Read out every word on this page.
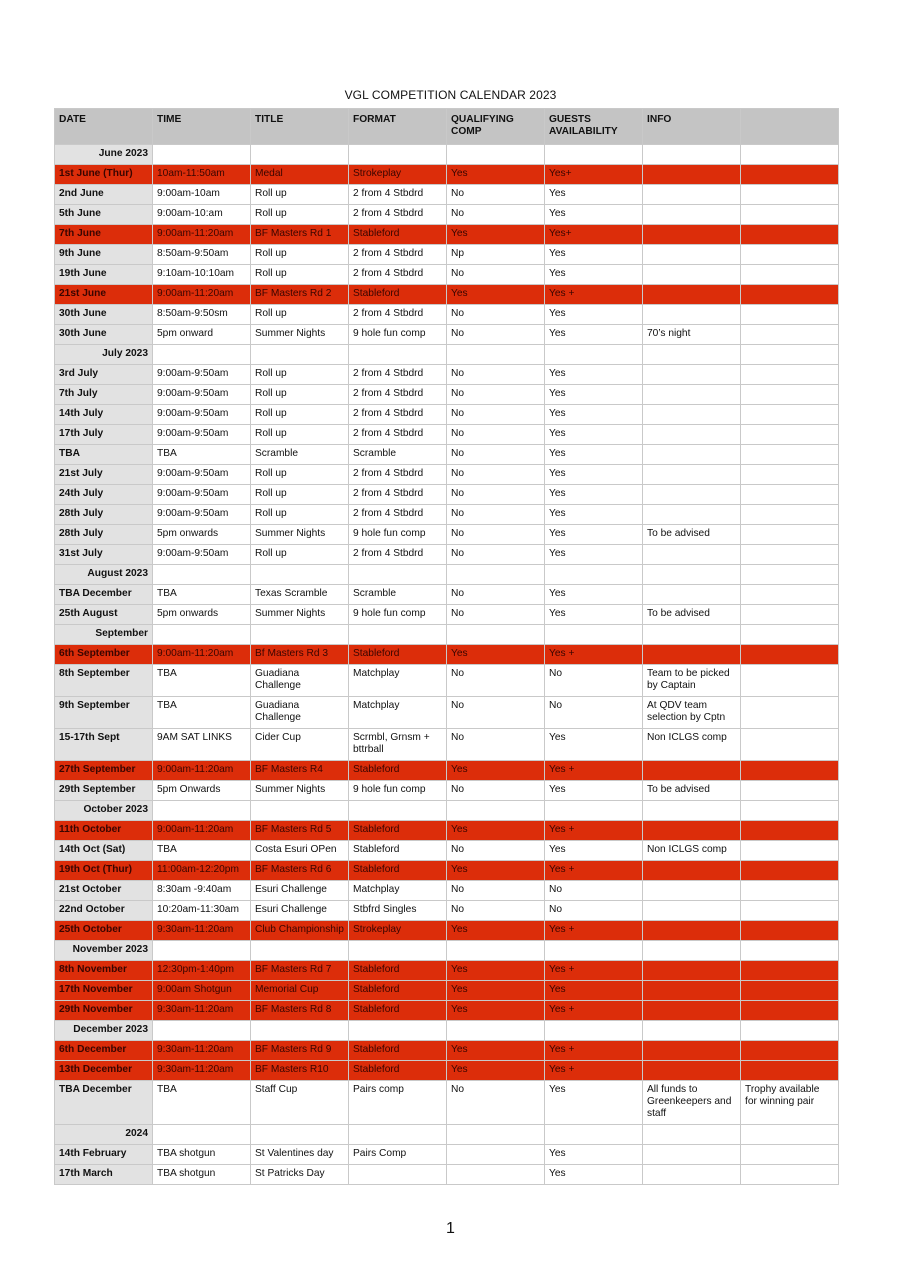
VGL COMPETITION CALENDAR 2023
DATE	TIME	TITLE	FORMAT	QUALIFYING COMP	GUESTS AVAILABILITY	INFO	
June 2023							
1st June (Thur)	10am-11:50am	Medal	Strokeplay	Yes	Yes+		
2nd June	9:00am-10am	Roll up	2 from 4 Stbdrd	No	Yes		
5th June	9:00am-10:am	Roll up	2 from 4 Stbdrd	No	Yes		
7th June	9:00am-11:20am	BF Masters Rd 1	Stableford	Yes	Yes+		
9th June	8:50am-9:50am	Roll up	2 from 4 Stbdrd	Np	Yes		
19th June	9:10am-10:10am	Roll up	2 from 4 Stbdrd	No	Yes		
21st June	9:00am-11:20am	BF Masters Rd 2	Stableford	Yes	Yes +		
30th June	8:50am-9:50sm	Roll up	2 from 4 Stbdrd	No	Yes		
30th June	5pm onward	Summer Nights	9 hole fun comp	No	Yes	70’s night	
July 2023							
3rd July	9:00am-9:50am	Roll up	2 from 4 Stbdrd	No	Yes		
7th July	9:00am-9:50am	Roll up	2 from 4 Stbdrd	No	Yes		
14th July	9:00am-9:50am	Roll up	2 from 4 Stbdrd	No	Yes		
17th July	9:00am-9:50am	Roll up	2 from 4 Stbdrd	No	Yes		
TBA	TBA	Scramble	Scramble	No	Yes		
21st July	9:00am-9:50am	Roll up	2 from 4 Stbdrd	No	Yes		
24th July	9:00am-9:50am	Roll up	2 from 4 Stbdrd	No	Yes		
28th July	9:00am-9:50am	Roll up	2 from 4 Stbdrd	No	Yes		
28th July	5pm onwards	Summer Nights	9 hole fun comp	No	Yes	To be advised	
31st July	9:00am-9:50am	Roll up	2 from 4 Stbdrd	No	Yes		
August 2023							
TBA December	TBA	Texas Scramble	Scramble	No	Yes		
25th August	5pm onwards	Summer Nights	9 hole fun comp	No	Yes	To be advised	
September							
6th September	9:00am-11:20am	Bf Masters Rd 3	Stableford	Yes	Yes +		
8th September	TBA	Guadiana Challenge	Matchplay	No	No	Team to be picked by Captain	
9th September	TBA	Guadiana Challenge	Matchplay	No	No	At QDV team selection by Cptn	
15-17th Sept	9AM SAT LINKS	Cider Cup	Scrmbl, Grnsm + bttrball	No	Yes	Non ICLGS comp	
27th September	9:00am-11:20am	BF Masters R4	Stableford	Yes	Yes +		
29th September	5pm Onwards	Summer Nights	9 hole fun comp	No	Yes	To be advised	
October 2023							
11th October	9:00am-11:20am	BF Masters Rd 5	Stableford	Yes	Yes +		
14th Oct (Sat)	TBA	Costa Esuri OPen	Stableford	No	Yes	Non ICLGS comp	
19th Oct (Thur)	11:00am-12:20pm	BF Masters Rd 6	Stableford	Yes	Yes +		
21st October	8:30am -9:40am	Esuri Challenge	Matchplay	No	No		
22nd October	10:20am-11:30am	Esuri Challenge	Stbfrd Singles	No	No		
25th October	9:30am-11:20am	Club Championship	Strokeplay	Yes	Yes +		
November 2023							
8th November	12:30pm-1:40pm	BF Masters Rd 7	Stableford	Yes	Yes +		
17th November	9:00am Shotgun	Memorial Cup	Stableford	Yes	Yes		
29th November	9:30am-11:20am	BF Masters Rd 8	Stableford	Yes	Yes +		
December 2023							
6th December	9:30am-11:20am	BF Masters Rd 9	Stableford	Yes	Yes +		
13th December	9:30am-11:20am	BF Masters R10	Stableford	Yes	Yes +		
TBA December	TBA	Staff Cup	Pairs comp	No	Yes	All funds to Greenkeepers and staff	Trophy available for winning pair
2024							
14th February	TBA shotgun	St Valentines day	Pairs Comp		Yes		
17th March	TBA shotgun	St Patricks Day			Yes		
1
